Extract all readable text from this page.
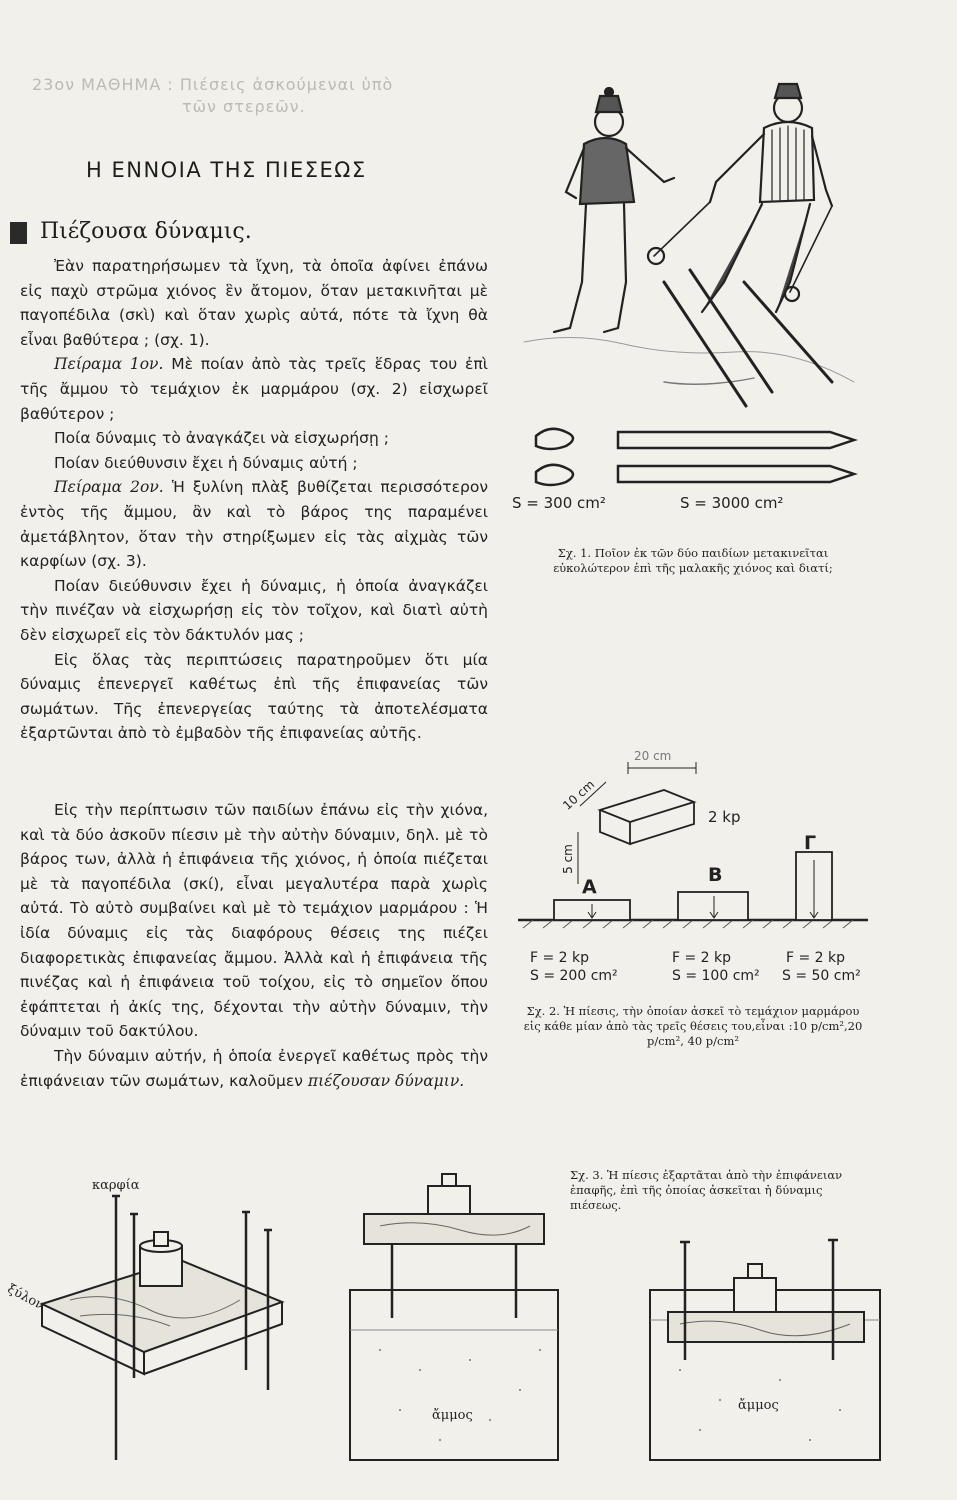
23ον ΜΑΘΗΜΑ : Πιέσεις ἀσκούμεναι ὑπὸ
τῶν στερεῶν.
Η ΕΝΝΟΙΑ ΤΗΣ ΠΙΕΣΕΩΣ
Πιέζουσα δύναμις.

Ἐὰν παρατηρήσωμεν τὰ ἴχνη, τὰ ὁποῖα ἀφίνει ἐπάνω εἰς παχὺ στρῶμα χιόνος ἓν ἄτομον, ὅταν μετακινῆται μὲ παγοπέδιλα (σκὶ) καὶ ὅταν χωρὶς αὐτά, πότε τὰ ἴχνη θὰ εἶναι βαθύτερα ; (σχ. 1).

Πείραμα 1ον. Μὲ ποίαν ἀπὸ τὰς τρεῖς ἕδρας του ἐπὶ τῆς ἄμμου τὸ τεμάχιον ἐκ μαρμάρου (σχ. 2) εἰσχωρεῖ βαθύτερον ;

Ποία δύναμις τὸ ἀναγκάζει νὰ εἰσχωρήσῃ ;

Ποίαν διεύθυνσιν ἔχει ἡ δύναμις αὐτή ;

Πείραμα 2ον. Ἡ ξυλίνη πλὰξ βυθίζεται περισσότερον ἐντὸς τῆς ἄμμου, ἂν καὶ τὸ βάρος της παραμένει ἀμετάβλητον, ὅταν τὴν στηρίξωμεν εἰς τὰς αἰχμὰς τῶν καρφίων (σχ. 3).

Ποίαν διεύθυνσιν ἔχει ἡ δύναμις, ἡ ὁποία ἀναγκάζει τὴν πινέζαν νὰ εἰσχωρήσῃ εἰς τὸν τοῖχον, καὶ διατὶ αὐτὴ δὲν εἰσχωρεῖ εἰς τὸν δάκτυλόν μας ;

Εἰς ὅλας τὰς περιπτώσεις παρατηροῦμεν ὅτι μία δύναμις ἐπενεργεῖ καθέτως ἐπὶ τῆς ἐπιφανείας τῶν σωμάτων. Τῆς ἐπενεργείας ταύτης τὰ ἀποτελέσματα ἐξαρτῶνται ἀπὸ τὸ ἐμβαδὸν τῆς ἐπιφανείας αὐτῆς.

Εἰς τὴν περίπτωσιν τῶν παιδίων ἐπάνω εἰς τὴν χιόνα, καὶ τὰ δύο ἀσκοῦν πίεσιν μὲ τὴν αὐτὴν δύναμιν, δηλ. μὲ τὸ βάρος των, ἀλλὰ ἡ ἐπιφάνεια τῆς χιόνος, ἡ ὁποία πιέζεται μὲ τὰ παγοπέδιλα (σκί), εἶναι μεγαλυτέρα παρὰ χωρὶς αὐτά. Τὸ αὐτὸ συμβαίνει καὶ μὲ τὸ τεμάχιον μαρμάρου : Ἡ ἰδία δύναμις εἰς τὰς διαφόρους θέσεις της πιέζει διαφορετικὰς ἐπιφανείας ἄμμου. Ἀλλὰ καὶ ἡ ἐπιφάνεια τῆς πινέζας καὶ ἡ ἐπιφάνεια τοῦ τοίχου, εἰς τὸ σημεῖον ὅπου ἐφάπτεται ἡ ἀκίς της, δέχονται τὴν αὐτὴν δύναμιν, τὴν δύναμιν τοῦ δακτύλου.

Τὴν δύναμιν αὐτήν, ἡ ὁποία ἐνεργεῖ καθέτως πρὸς τὴν ἐπιφάνειαν τῶν σωμάτων, καλοῦμεν πιέζουσαν δύναμιν.

S = 300 cm²	S = 3000 cm²
Σχ. 1. Ποῖον ἐκ τῶν δύο παιδίων μετακινεῖται εὐκολώτερον ἐπὶ τῆς μαλακῆς χιόνος καὶ διατί;
20 cm
10 cm
5 cm
2 kp
Α
Β
Γ
F = 2 kp
S = 200 cm²
F = 2 kp
S = 100 cm²
F = 2 kp
S = 50 cm²
Σχ. 2. Ἡ πίεσις, τὴν ὁποίαν ἀσκεῖ τὸ τεμάχιον μαρμάρου εἰς κάθε μίαν ἀπὸ τὰς τρεῖς θέσεις του,εἶναι :10 p/cm²,20 p/cm², 40 p/cm²
καρφία
ξύλον
ἄμμος
ἄμμος
Σχ. 3. Ἡ πίεσις ἐξαρτᾶται ἀπὸ τὴν ἐπιφάνειαν ἐπαφῆς, ἐπὶ τῆς ὁποίας ἀσκεῖται ἡ δύναμις πιέσεως.
